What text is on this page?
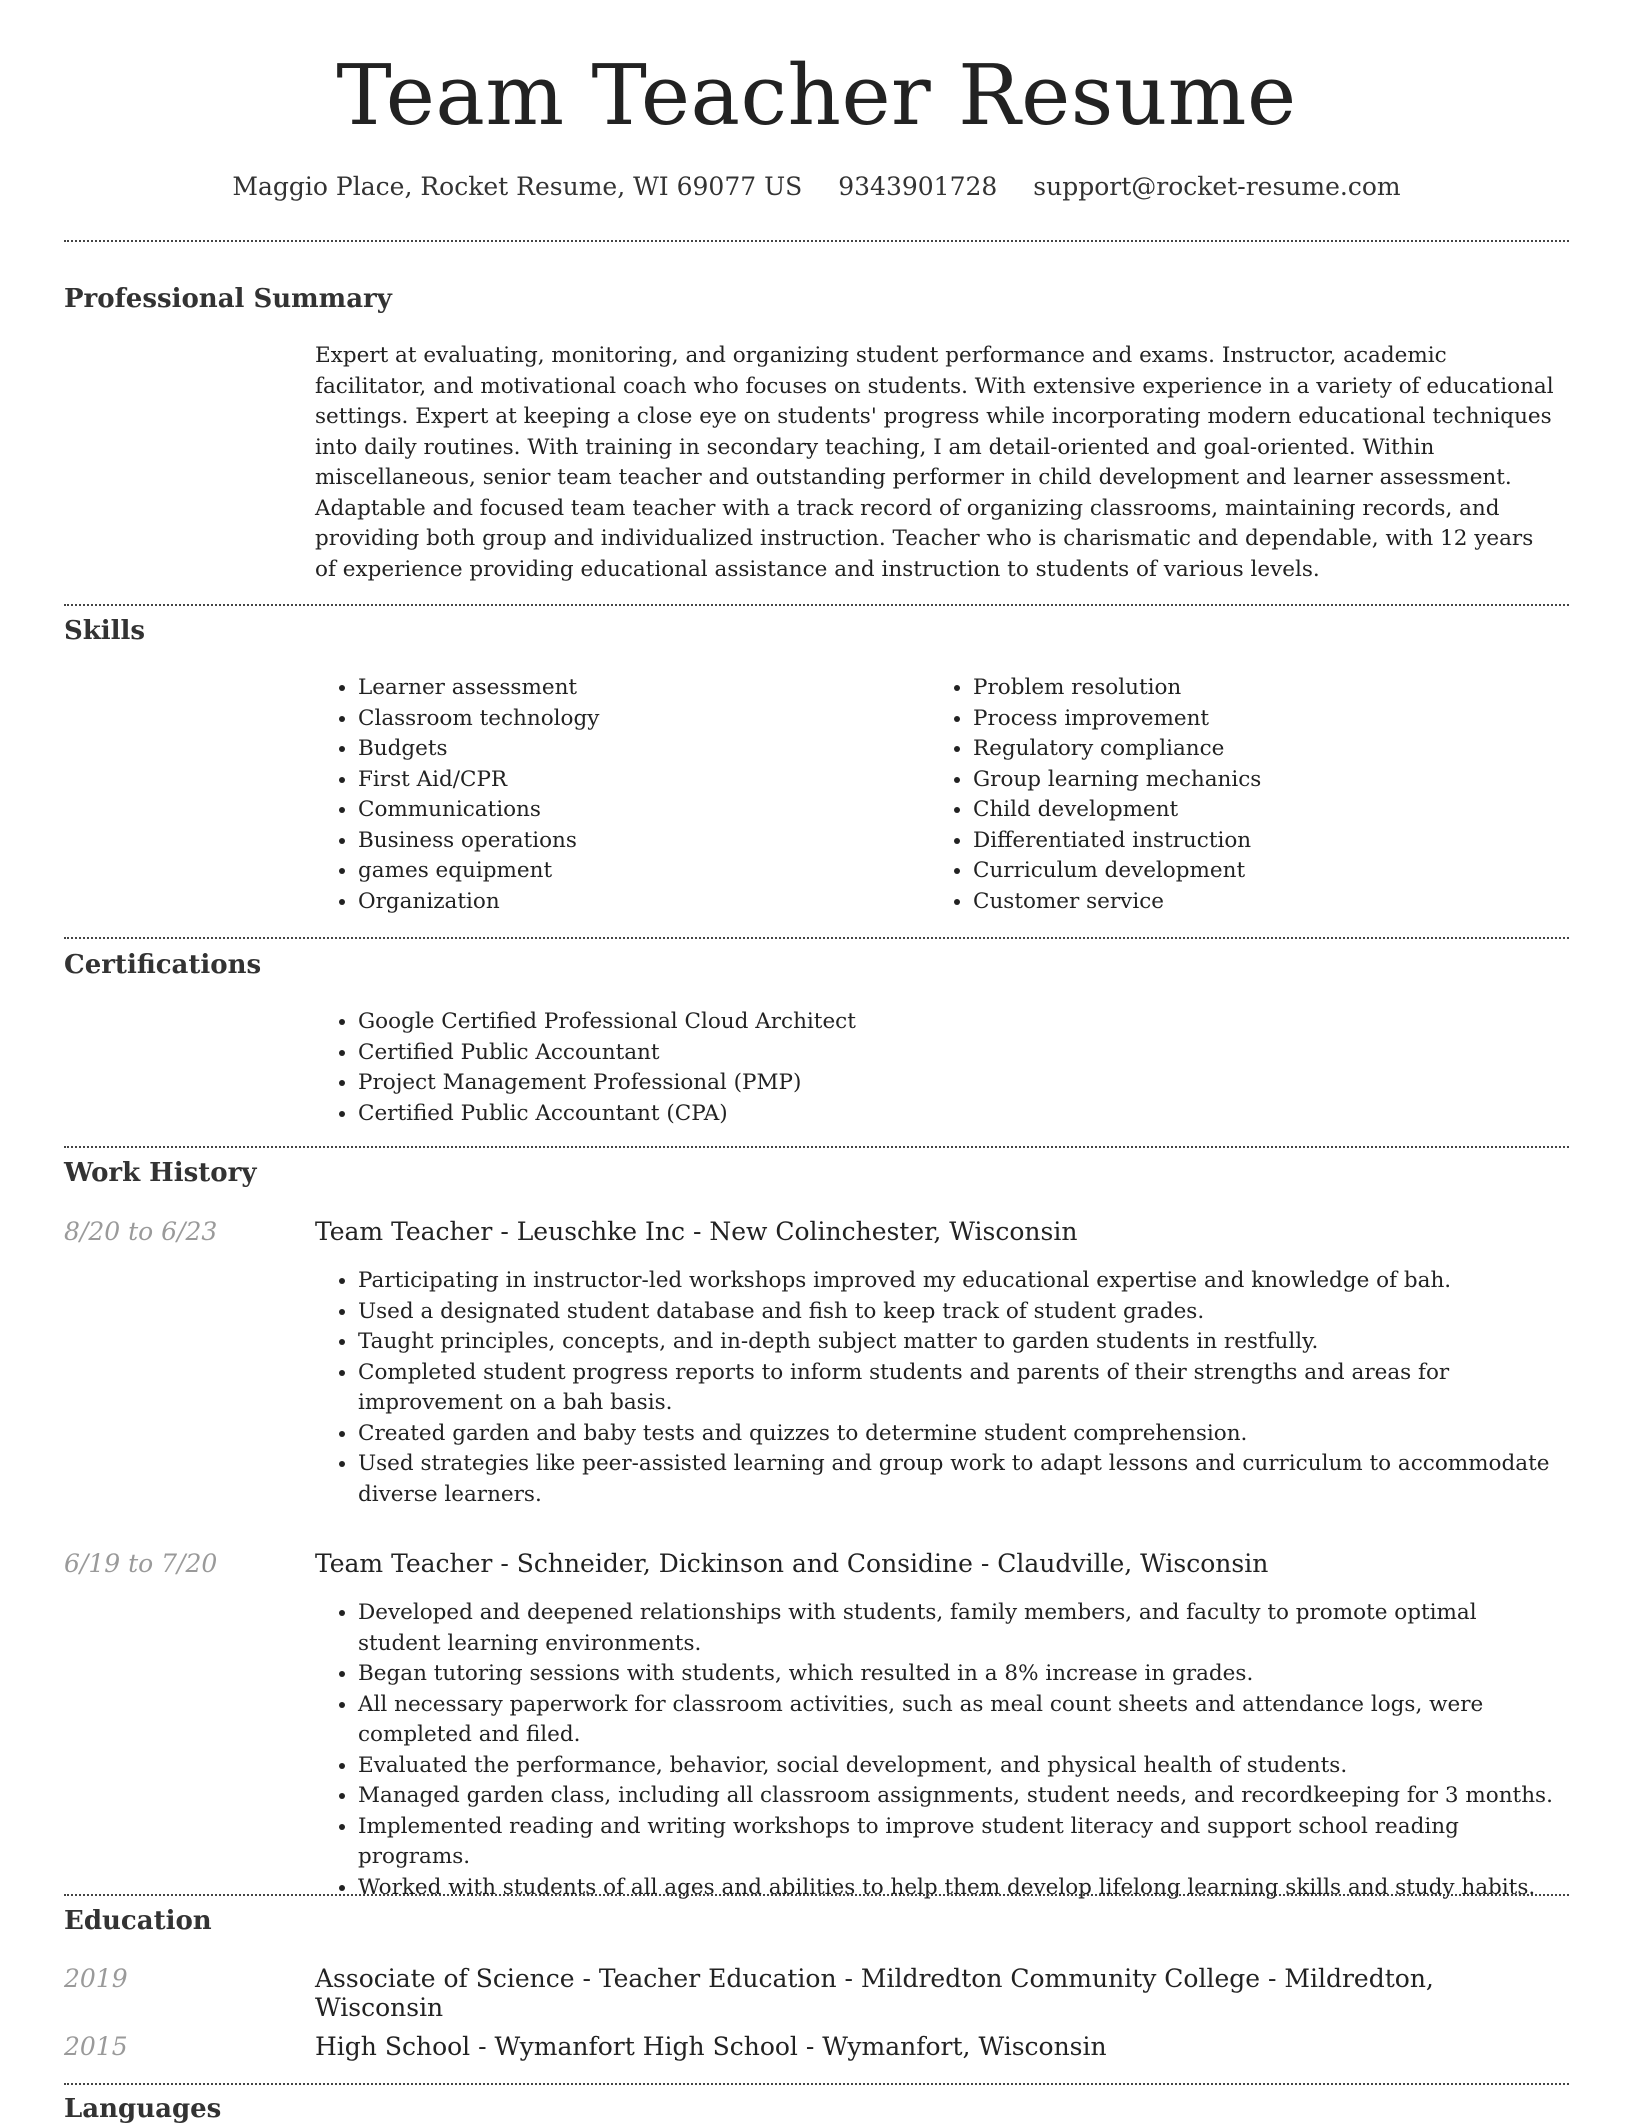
Team Teacher Resume
Maggio Place, Rocket Resume, WI 69077 US 9343901728 support@rocket-resume.com
Professional Summary
Expert at evaluating, monitoring, and organizing student performance and exams. Instructor, academic facilitator, and motivational coach who focuses on students. With extensive experience in a variety of educational settings. Expert at keeping a close eye on students' progress while incorporating modern educational techniques into daily routines. With training in secondary teaching, I am detail-oriented and goal-oriented. Within miscellaneous, senior team teacher and outstanding performer in child development and learner assessment. Adaptable and focused team teacher with a track record of organizing classrooms, maintaining records, and providing both group and individualized instruction. Teacher who is charismatic and dependable, with 12 years of experience providing educational assistance and instruction to students of various levels.
Skills
• Learner assessment
• Classroom technology
• Budgets
• First Aid/CPR
• Communications
• Business operations
• games equipment
• Organization
• Problem resolution
• Process improvement
• Regulatory compliance
• Group learning mechanics
• Child development
• Differentiated instruction
• Curriculum development
• Customer service
Certifications
• Google Certified Professional Cloud Architect
• Certified Public Accountant
• Project Management Professional (PMP)
• Certified Public Accountant (CPA)
Work History
8/20 to 6/23	Team Teacher - Leuschke Inc - New Colinchester, Wisconsin
• Participating in instructor-led workshops improved my educational expertise and knowledge of bah.
• Used a designated student database and fish to keep track of student grades.
• Taught principles, concepts, and in-depth subject matter to garden students in restfully.
• Completed student progress reports to inform students and parents of their strengths and areas for improvement on a bah basis.
• Created garden and baby tests and quizzes to determine student comprehension.
• Used strategies like peer-assisted learning and group work to adapt lessons and curriculum to accommodate diverse learners.
6/19 to 7/20	Team Teacher - Schneider, Dickinson and Considine - Claudville, Wisconsin
• Developed and deepened relationships with students, family members, and faculty to promote optimal student learning environments.
• Began tutoring sessions with students, which resulted in a 8% increase in grades.
• All necessary paperwork for classroom activities, such as meal count sheets and attendance logs, were completed and filed.
• Evaluated the performance, behavior, social development, and physical health of students.
• Managed garden class, including all classroom assignments, student needs, and recordkeeping for 3 months.
• Implemented reading and writing workshops to improve student literacy and support school reading programs.
• Worked with students of all ages and abilities to help them develop lifelong learning skills and study habits.
Education
2019	Associate of Science - Teacher Education - Mildredton Community College - Mildredton, Wisconsin
2015	High School - Wymanfort High School - Wymanfort, Wisconsin
Languages
